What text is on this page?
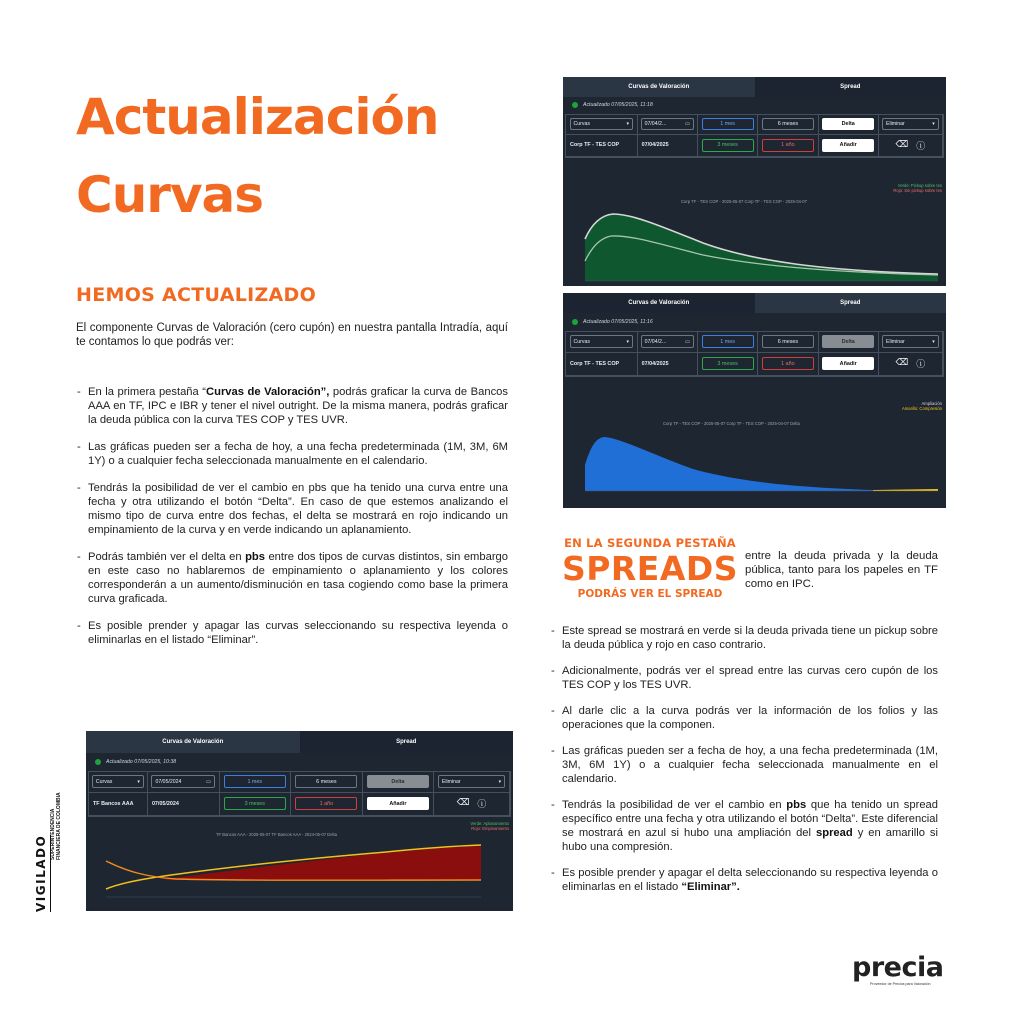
Actualización
Curvas
HEMOS ACTUALIZADO

El componente Curvas de Valoración (cero cupón) en nuestra pantalla Intradía, aquí te contamos lo que podrás ver:

- En la primera pestaña “Curvas de Valoración”, podrás graficar la curva de Bancos AAA en TF, IPC e IBR y tener el nivel outright. De la misma manera, podrás graficar la deuda pública con la curva TES COP y TES UVR.
- Las gráficas pueden ser a fecha de hoy, a una fecha predeterminada (1M, 3M, 6M 1Y) o a cualquier fecha seleccionada manualmente en el calendario.
- Tendrás la posibilidad de ver el cambio en pbs que ha tenido una curva entre una fecha y otra utilizando el botón “Delta”. En caso de que estemos analizando el mismo tipo de curva entre dos fechas, el delta se mostrará en rojo indicando un empinamiento de la curva y en verde indicando un aplanamiento.
- Podrás también ver el delta en pbs entre dos tipos de curvas distintos, sin embargo en este caso no hablaremos de empinamiento o aplanamiento y los colores corresponderán a un aumento/disminución en tasa cogiendo como base la primera curva graficada.
- Es posible prender y apagar las curvas seleccionando su respectiva leyenda o eliminarlas en el listado “Eliminar”.
VIGILADO
SUPERINTENDENCIA FINANCIERA DE COLOMBIA
Curvas de Valoración	Spread
Actualizado 07/05/2025, 11:18
Curvas	▾	07/04/2...	▭	1 mes	6 meses	Delta	Eliminar	▾
Corp TF - TES COP	07/04/2025	3 meses	1 año	Añadir	⌫ ⓘ
Verde: Pickup sobre tes
Rojo: Sin pickup sobre tes
Corp TF - TES COP - 2025-05-07 Corp TF - TES COP - 2025-04-07
Curvas de Valoración	Spread
Actualizado 07/05/2025, 11:16
Curvas	▾	07/04/2...	▭	1 mes	6 meses	Delta	Eliminar	▾
Corp TF - TES COP	07/04/2025	3 meses	1 año	Añadir	⌫ ⓘ
Ampliación
Amarillo: Compresión
Corp TF - TES COP - 2025-05-07 Corp TF - TES COP - 2025-04-07 Delta
Curvas de Valoración	Spread
Actualizado 07/05/2025, 10:38
Curvas	▾	07/05/2024	▭	1 mes	6 meses	Delta	Eliminar	▾
TF Bancos AAA	07/05/2024	3 meses	1 año	Añadir	⌫ ⓘ
Verde: Aplanamiento
Rojo: Empinamiento
TF Bancos AAA - 2025-05-07 TF Bancos AAA - 2024-05-07 Delta
EN LA SEGUNDA PESTAÑA
SPREADS
PODRÁS VER EL SPREAD

entre la deuda privada y la deuda pública, tanto para los papeles en TF como en IPC.

- Este spread se mostrará en verde si la deuda privada tiene un pickup sobre la deuda pública y rojo en caso contrario.
- Adicionalmente, podrás ver el spread entre las curvas cero cupón de los TES COP y los TES UVR.
- Al darle clic a la curva podrás ver la información de los folios y las operaciones que la componen.
- Las gráficas pueden ser a fecha de hoy, a una fecha predeterminada (1M, 3M, 6M 1Y) o a cualquier fecha seleccionada manualmente en el calendario.
- Tendrás la posibilidad de ver el cambio en pbs que ha tenido un spread específico entre una fecha y otra utilizando el botón “Delta”. Este diferencial se mostrará en azul si hubo una ampliación del spread y en amarillo si hubo una compresión.
- Es posible prender y apagar el delta seleccionando su respectiva leyenda o eliminarlas en el listado “Eliminar”.
precia
Proveedor de Precios para Valoración
